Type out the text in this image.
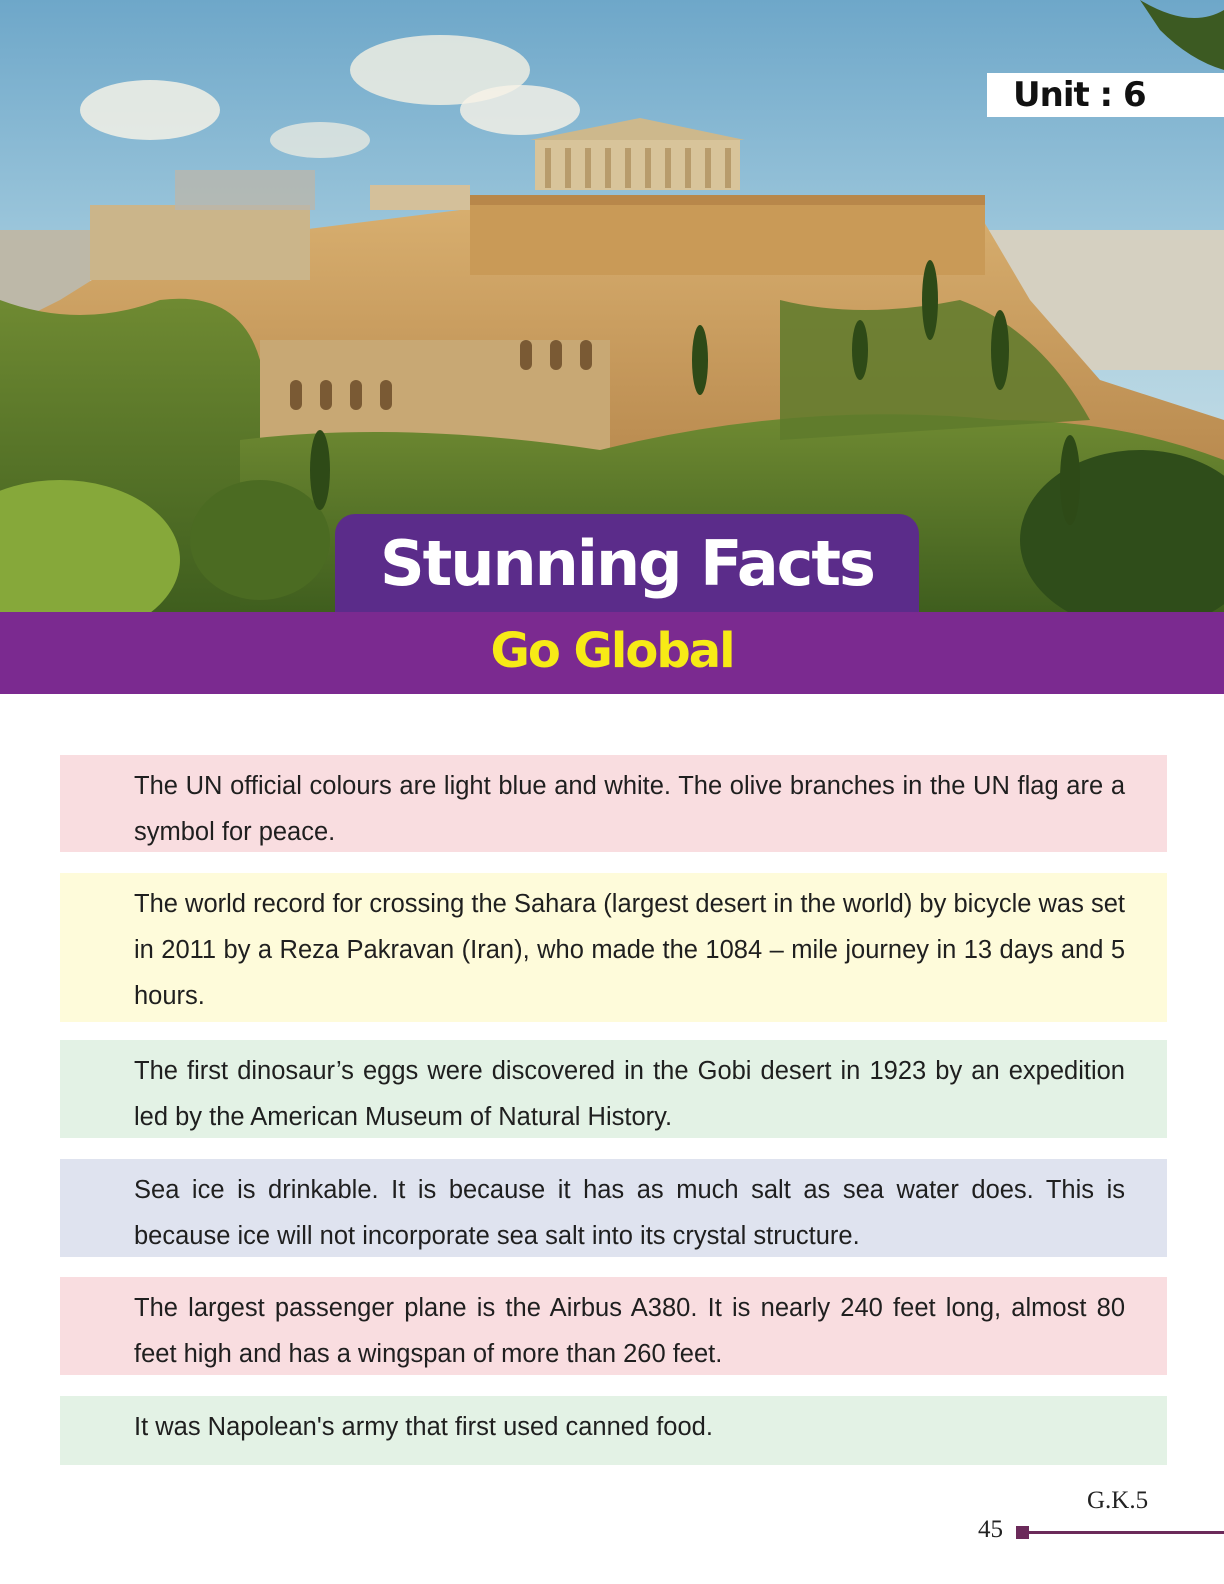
Unit : 6
Stunning Facts
Go Global
The UN official colours are light blue and white. The olive branches in the UN flag are a symbol for peace.
The world record for crossing the Sahara (largest desert in the world) by bicycle was set in 2011 by a Reza Pakravan (Iran), who made the 1084 – mile journey in 13 days and 5 hours.
The first dinosaur’s eggs were discovered in the Gobi desert in 1923 by an expedition led by the American Museum of Natural History.
Sea ice is drinkable. It is because it has as much salt as sea water does. This is because ice will not incorporate sea salt into its crystal structure.
The largest passenger plane is the Airbus A380. It is nearly 240 feet long, almost 80 feet high and has a wingspan of more than 260 feet.
It was Napolean's army that first used canned food.
G.K.5
45
